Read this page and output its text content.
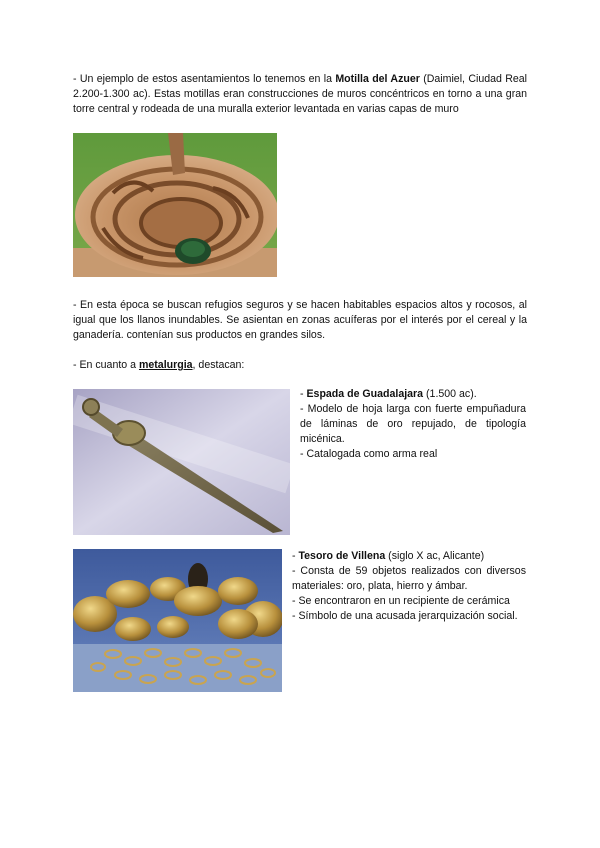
- Un ejemplo de estos asentamientos lo tenemos en la Motilla del Azuer (Daimiel, Ciudad Real 2.200-1.300 ac). Estas motillas eran construcciones de muros concéntricos en torno a una gran torre central y rodeada de una muralla exterior levantada en varias capas de muro

- En esta época se buscan refugios seguros y se hacen habitables espacios altos y rocosos, al igual que los llanos inundables. Se asientan en zonas acuíferas por el interés por el cereal y la ganadería. contenían sus productos en grandes silos.

- En cuanto a metalurgia, destacan:

- Espada de Guadalajara (1.500 ac).

- Modelo de hoja larga con fuerte empuñadura de láminas de oro repujado, de tipología micénica.

- Catalogada como arma real

- Tesoro de Villena (siglo X ac, Alicante)

- Consta de 59 objetos realizados con diversos materiales: oro, plata, hierro y ámbar.

- Se encontraron en un recipiente de cerámica

- Símbolo de una acusada jerarquización social.
